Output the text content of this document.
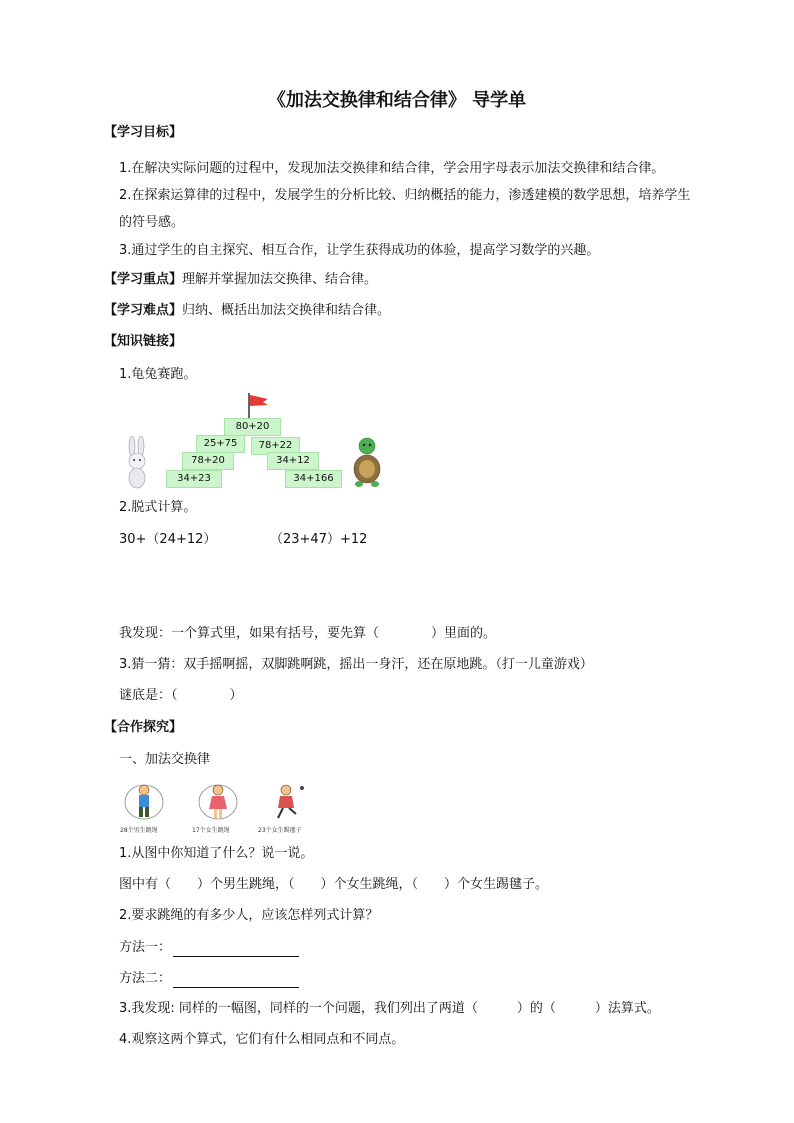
《加法交换律和结合律》 导学单
【学习目标】
1.在解决实际问题的过程中，发现加法交换律和结合律，学会用字母表示加法交换律和结合律。
2.在探索运算律的过程中，发展学生的分析比较、归纳概括的能力，渗透建模的数学思想，培养学生
的符号感。
3.通过学生的自主探究、相互合作，让学生获得成功的体验，提高学习数学的兴趣。
【学习重点】理解并掌握加法交换律、结合律。
【学习难点】归纳、概括出加法交换律和结合律。
【知识链接】
1.龟兔赛跑。
80+20
25+75	78+22
78+20	34+12
34+23	34+166
2.脱式计算。
30+（24+12）	（23+47）+12
我发现：一个算式里，如果有括号，要先算（　　　　）里面的。
3.猜一猜：双手摇啊摇，双脚跳啊跳，摇出一身汗，还在原地跳。（打一儿童游戏）
谜底是：（　　　　）
【合作探究】
一、加法交换律
28个男生跳绳	17个女生跳绳	23个女生踢毽子
1.从图中你知道了什么？说一说。
图中有（　　）个男生跳绳，（　　）个女生跳绳，（　　）个女生踢毽子。
2.要求跳绳的有多少人，应该怎样列式计算？
方法一：
方法二：
3.我发现: 同样的一幅图，同样的一个问题，我们列出了两道（　　　）的（　　　）法算式。
4.观察这两个算式，它们有什么相同点和不同点。
